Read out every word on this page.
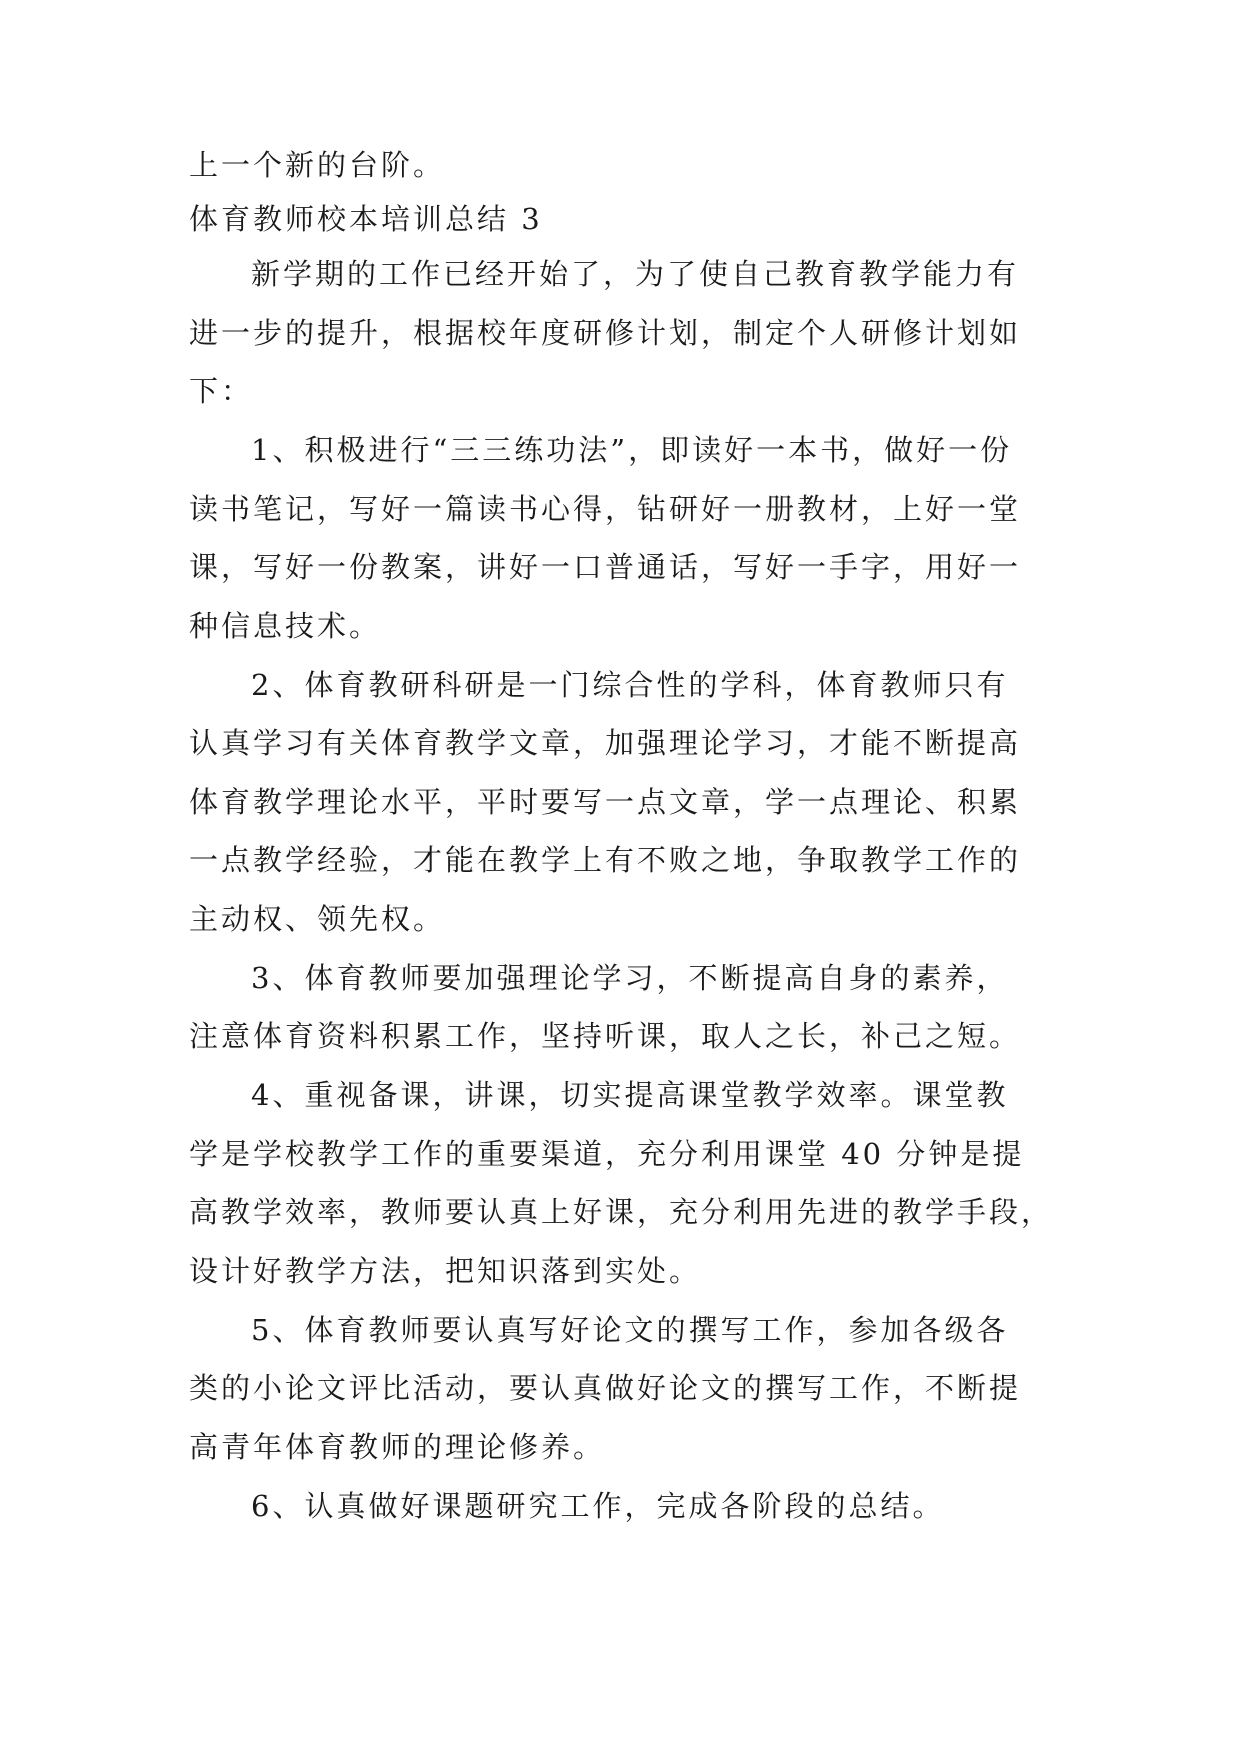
上一个新的台阶。
体育教师校本培训总结 3
新学期的工作已经开始了，为了使自己教育教学能力有
进一步的提升，根据校年度研修计划，制定个人研修计划如
下：
1、积极进行“三三练功法”，即读好一本书，做好一份
读书笔记，写好一篇读书心得，钻研好一册教材，上好一堂
课，写好一份教案，讲好一口普通话，写好一手字，用好一
种信息技术。
2、体育教研科研是一门综合性的学科，体育教师只有
认真学习有关体育教学文章，加强理论学习，才能不断提高
体育教学理论水平，平时要写一点文章，学一点理论、积累
一点教学经验，才能在教学上有不败之地，争取教学工作的
主动权、领先权。
3、体育教师要加强理论学习，不断提高自身的素养，
注意体育资料积累工作，坚持听课，取人之长，补己之短。
4、重视备课，讲课，切实提高课堂教学效率。课堂教
学是学校教学工作的重要渠道，充分利用课堂 40 分钟是提
高教学效率，教师要认真上好课，充分利用先进的教学手段，
设计好教学方法，把知识落到实处。
5、体育教师要认真写好论文的撰写工作，参加各级各
类的小论文评比活动，要认真做好论文的撰写工作，不断提
高青年体育教师的理论修养。
6、认真做好课题研究工作，完成各阶段的总结。
